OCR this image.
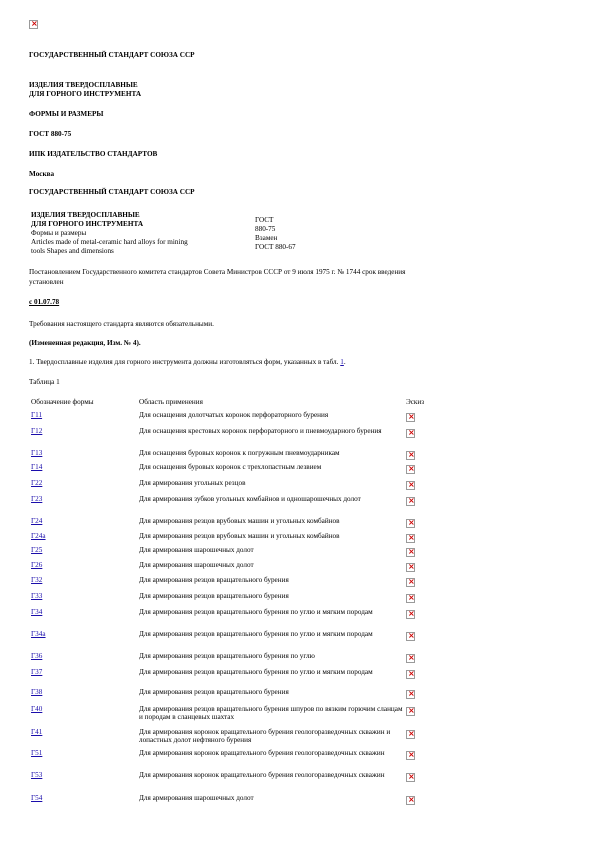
×
ГОСУДАРСТВЕННЫЙ СТАНДАРТ СОЮЗА ССР
ИЗДЕЛИЯ ТВЕРДОСПЛАВНЫЕ
ДЛЯ ГОРНОГО ИНСТРУМЕНТА
ФОРМЫ И РАЗМЕРЫ
ГОСТ 880-75
ИПК ИЗДАТЕЛЬСТВО СТАНДАРТОВ
Москва
ГОСУДАРСТВЕННЫЙ СТАНДАРТ СОЮЗА ССР
ИЗДЕЛИЯ ТВЕРДОСПЛАВНЫЕ
ДЛЯ ГОРНОГО ИНСТРУМЕНТА
Формы и размеры
Articles made of metal-ceramic hard alloys for mining
tools Shapes and dimensions
ГОСТ
880-75
Взамен
ГОСТ 880-67
Постановлением Государственного комитета стандартов Совета Министров СССР от 9 июля 1975 г. № 1744 срок введения
установлен
с 01.07.78
Требования настоящего стандарта являются обязательными.
(Измененная редакция, Изм. № 4).
1. Твердосплавные изделия для горного инструмента должны изготовляться форм, указанных в табл. 1.
Таблица 1
Обозначение формы	Область применения	Эскиз
Г11	Для оснащения долотчатых коронок перфораторного бурения
×
Г12	Для оснащения крестовых коронок перфораторного и пневмоударного бурения
×
Г13	Для оснащения буровых коронок к погружным пневмоударникам
×
Г14	Для оснащения буровых коронок с трехлопастным лезвием
×
Г22	Для армирования угольных резцов
×
Г23	Для армирования зубков угольных комбайнов и одношарошечных долот
×
Г24	Для армирования резцов врубовых машин и угольных комбайнов
×
Г24а	Для армирования резцов врубовых машин и угольных комбайнов
×
Г25	Для армирования шарошечных долот
×
Г26	Для армирования шарошечных долот
×
Г32	Для армирования резцов вращательного бурения
×
Г33	Для армирования резцов вращательного бурения
×
Г34	Для армирования резцов вращательного бурения по углю и мягким породам
×
Г34а	Для армирования резцов вращательного бурения по углю и мягким породам
×
Г36	Для армирования резцов вращательного бурения по углю
×
Г37	Для армирования резцов вращательного бурения по углю и мягким породам
×
Г38	Для армирования резцов вращательного бурения
×
Г40	Для армирования резцов вращательного бурения шпуров по вязким горючим сланцам и породам в сланцевых шахтах
×
Г41	Для армирования коронок вращательного бурения геологоразведочных скважин и лопастных долот нефтяного бурения
×
Г51	Для армирования коронок вращательного бурения геологоразведочных скважин
×
Г53	Для армирования коронок вращательного бурения геологоразведочных скважин
×
Г54	Для армирования шарошечных долот
×
